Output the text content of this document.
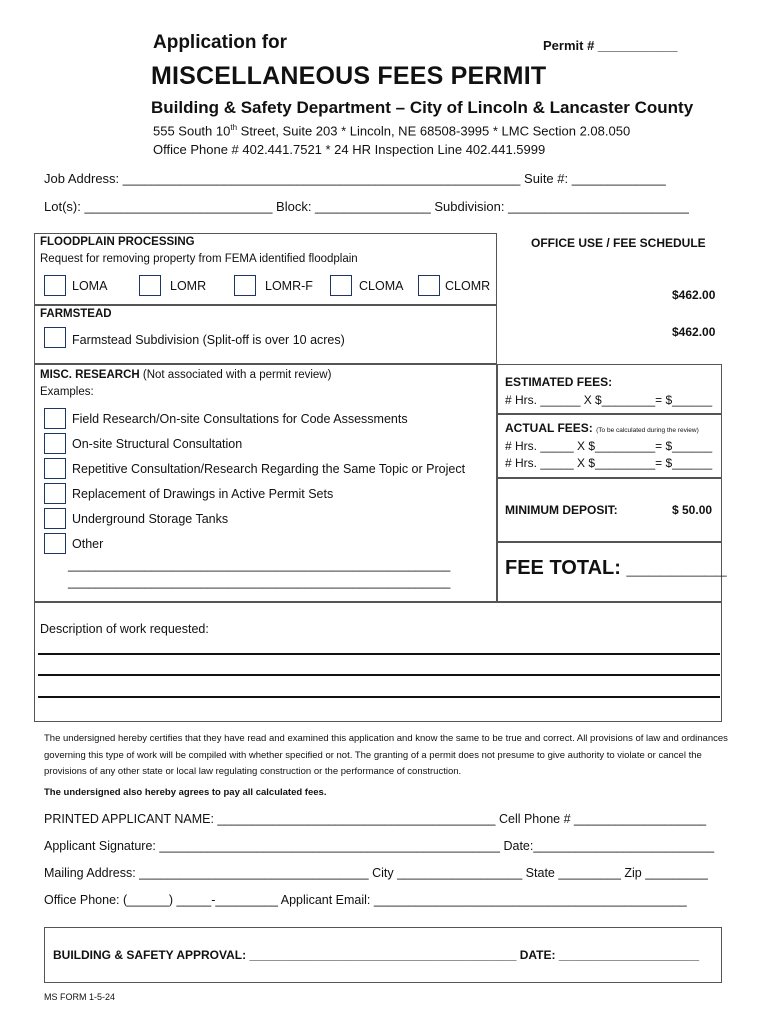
Application for	Permit # ___________
MISCELLANEOUS FEES PERMIT
Building & Safety Department – City of Lincoln & Lancaster County
555 South 10th Street, Suite 203 * Lincoln, NE 68508-3995 * LMC Section 2.08.050
Office Phone # 402.441.7521 * 24 HR Inspection Line 402.441.5999
Job Address: _______________________________________________________ Suite #: _____________
Lot(s): __________________________ Block: ________________ Subdivision: _________________________
FLOODPLAIN PROCESSING
Request for removing property from FEMA identified floodplain
LOMA	LOMR	LOMR-F	CLOMA	CLOMR
OFFICE USE / FEE SCHEDULE
$462.00
FARMSTEAD
Farmstead Subdivision (Split-off is over 10 acres)
$462.00
MISC. RESEARCH (Not associated with a permit review)
Examples:
Field Research/On-site Consultations for Code Assessments
On-site Structural Consultation
Repetitive Consultation/Research Regarding the Same Topic or Project
Replacement of Drawings in Active Permit Sets
Underground Storage Tanks
Other
_______________________________________________________
_______________________________________________________
ESTIMATED FEES:
# Hrs. ______ X $________= $______
ACTUAL FEES: (To be calculated during the review)
# Hrs. _____ X $_________= $______
# Hrs. _____ X $_________= $______
MINIMUM DEPOSIT:	$ 50.00
FEE TOTAL: _________
Description of work requested:
The undersigned hereby certifies that they have read and examined this application and know the same to be true and correct. All provisions of law and ordinances governing this type of work will be compiled with whether specified or not. The granting of a permit does not presume to give authority to violate or cancel the provisions of any other state or local law regulating construction or the performance of construction.
The undersigned also hereby agrees to pay all calculated fees.
PRINTED APPLICANT NAME: ________________________________________ Cell Phone # ___________________
Applicant Signature: _________________________________________________ Date:__________________________
Mailing Address: _________________________________ City __________________ State _________ Zip _________
Office Phone: (______) _____-_________ Applicant Email: _____________________________________________
BUILDING & SAFETY APPROVAL: ________________________________________ DATE: _____________________
MS FORM 1-5-24
